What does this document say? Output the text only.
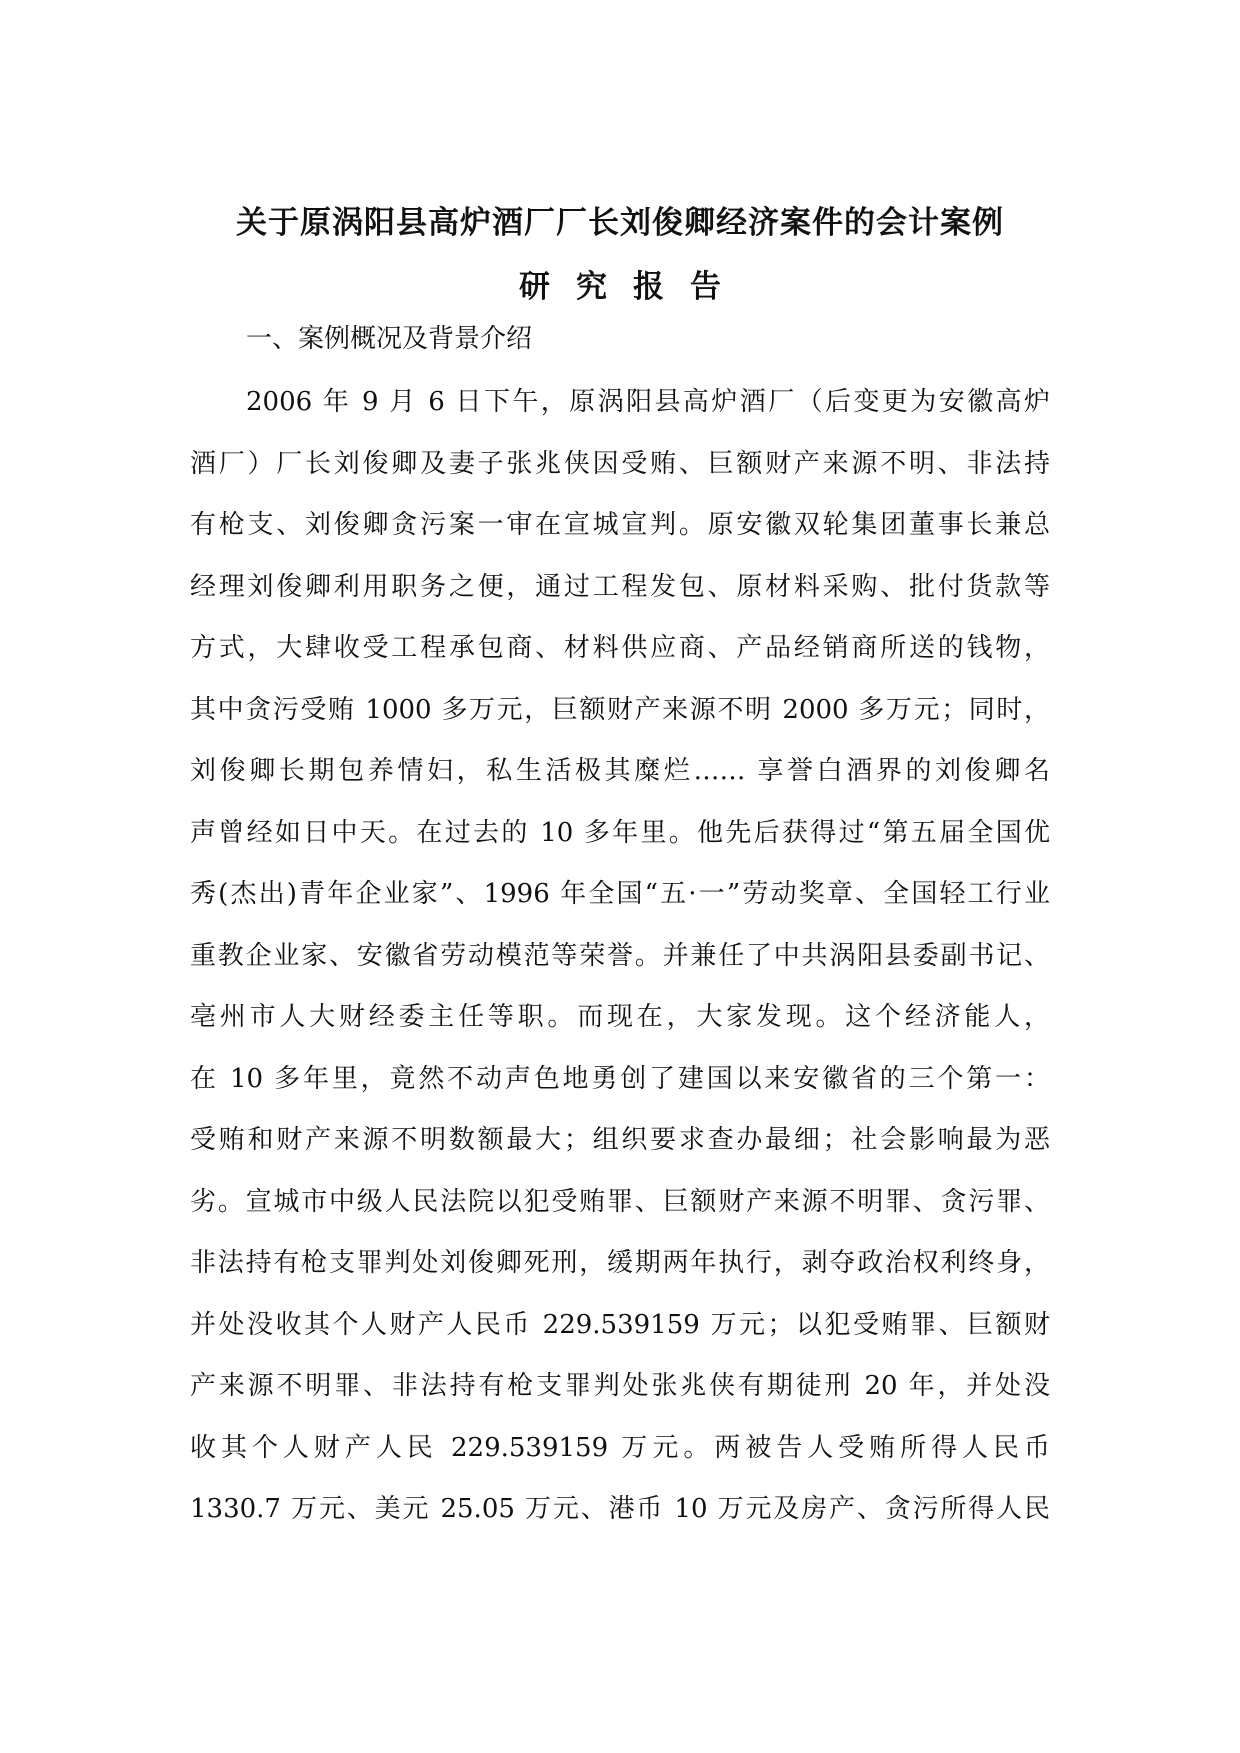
关于原涡阳县高炉酒厂厂长刘俊卿经济案件的会计案例
研究报告
一、案例概况及背景介绍
2006 年 9 月 6 日下午，原涡阳县高炉酒厂（后变更为安徽高炉
酒厂）厂长刘俊卿及妻子张兆侠因受贿、巨额财产来源不明、非法持
有枪支、刘俊卿贪污案一审在宣城宣判。原安徽双轮集团董事长兼总
经理刘俊卿利用职务之便，通过工程发包、原材料采购、批付货款等
方式，大肆收受工程承包商、材料供应商、产品经销商所送的钱物，
其中贪污受贿 1000 多万元，巨额财产来源不明 2000 多万元；同时，
刘俊卿长期包养情妇，私生活极其糜烂…… 享誉白酒界的刘俊卿名
声曾经如日中天。在过去的 10 多年里。他先后获得过“第五届全国优
秀(杰出)青年企业家”、1996 年全国“五·一”劳动奖章、全国轻工行业
重教企业家、安徽省劳动模范等荣誉。并兼任了中共涡阳县委副书记、
亳州市人大财经委主任等职。而现在，大家发现。这个经济能人，
在 10 多年里，竟然不动声色地勇创了建国以来安徽省的三个第一：
受贿和财产来源不明数额最大；组织要求查办最细；社会影响最为恶
劣。宣城市中级人民法院以犯受贿罪、巨额财产来源不明罪、贪污罪、
非法持有枪支罪判处刘俊卿死刑，缓期两年执行，剥夺政治权利终身，
并处没收其个人财产人民币 229.539159 万元；以犯受贿罪、巨额财
产来源不明罪、非法持有枪支罪判处张兆侠有期徒刑 20 年，并处没
收其个人财产人民 229.539159 万元。两被告人受贿所得人民币
1330.7 万元、美元 25.05 万元、港币 10 万元及房产、贪污所得人民
